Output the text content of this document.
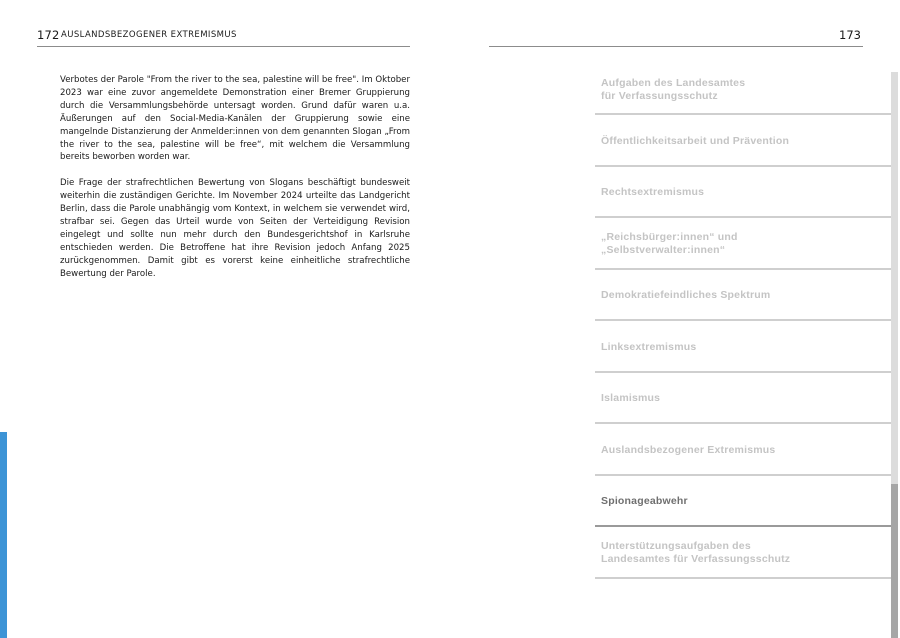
172 AUSLANDSBEZOGENER EXTREMISMUS	173

Verbotes der Parole "From the river to the sea, palestine will be free". Im Oktober 2023 war eine zuvor angemeldete Demonstration einer Bremer Gruppierung durch die Versammlungsbehörde untersagt worden. Grund dafür waren u.a. Äußerungen auf den Social-Media-Kanälen der Gruppierung sowie eine mangelnde Distanzierung der Anmelder:innen von dem genannten Slogan „From the river to the sea, palestine will be free“, mit welchem die Versammlung bereits beworben worden war.

Die Frage der strafrechtlichen Bewertung von Slogans beschäftigt bundesweit weiterhin die zuständigen Gerichte. Im November 2024 urteilte das Landgericht Berlin, dass die Parole unabhängig vom Kontext, in welchem sie verwendet wird, strafbar sei. Gegen das Urteil wurde von Seiten der Verteidigung Revision eingelegt und sollte nun mehr durch den Bundesgerichtshof in Karlsruhe entschieden werden. Die Betroffene hat ihre Revision jedoch Anfang 2025 zurückgenommen. Damit gibt es vorerst keine einheitliche strafrechtliche Bewertung der Parole.

Aufgaben des Landesamtes
für Verfassungsschutz
Öffentlichkeitsarbeit und Prävention
Rechtsextremismus
„Reichsbürger:innen“ und
„Selbstverwalter:innen“
Demokratiefeindliches Spektrum
Linksextremismus
Islamismus
Auslandsbezogener Extremismus
Spionageabwehr
Unterstützungsaufgaben des
Landesamtes für Verfassungsschutz
